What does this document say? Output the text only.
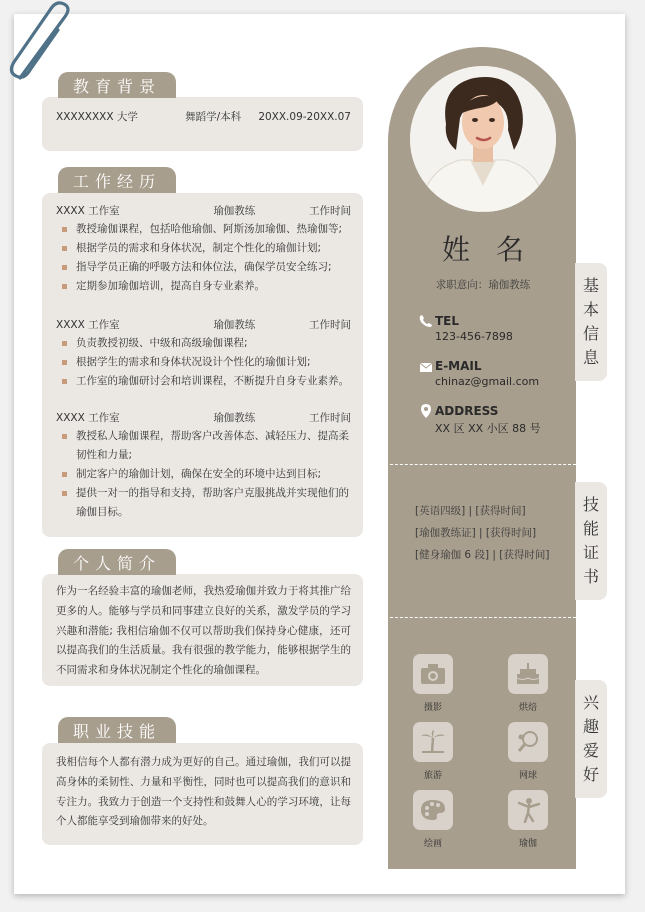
教育背景
XXXXXXXX 大学	舞蹈学/本科 20XX.09-20XX.07
工作经历
XXXX 工作室	瑜伽教练	工作时间
教授瑜伽课程，包括哈他瑜伽、阿斯汤加瑜伽、热瑜伽等;
根据学员的需求和身体状况，制定个性化的瑜伽计划;
指导学员正确的呼吸方法和体位法，确保学员安全练习;
定期参加瑜伽培训，提高自身专业素养。
XXXX 工作室	瑜伽教练	工作时间
负责教授初级、中级和高级瑜伽课程;
根据学生的需求和身体状况设计个性化的瑜伽计划;
工作室的瑜伽研讨会和培训课程，不断提升自身专业素养。
XXXX 工作室	瑜伽教练	工作时间
教授私人瑜伽课程，帮助客户改善体态、减轻压力、提高柔韧性和力量;
制定客户的瑜伽计划，确保在安全的环境中达到目标;
提供一对一的指导和支持，帮助客户克服挑战并实现他们的瑜伽目标。
个人简介
作为一名经验丰富的瑜伽老师，我热爱瑜伽并致力于将其推广给更多的人。能够与学员和同事建立良好的关系，激发学员的学习兴趣和潜能; 我相信瑜伽不仅可以帮助我们保持身心健康，还可以提高我们的生活质量。我有很强的教学能力，能够根据学生的不同需求和身体状况制定个性化的瑜伽课程。
职业技能
我相信每个人都有潜力成为更好的自己。通过瑜伽，我们可以提高身体的柔韧性、力量和平衡性，同时也可以提高我们的意识和专注力。我致力于创造一个支持性和鼓舞人心的学习环境，让每个人都能享受到瑜伽带来的好处。
姓名
求职意向：瑜伽教练
TEL
123-456-7898
E-MAIL
chinaz@gmail.com
ADDRESS
XX 区 XX 小区 88 号
[英语四级] | [获得时间]
[瑜伽教练证] | [获得时间]
[健身瑜伽 6 段] | [获得时间]
摄影	烘焙
旅游	网球
绘画	瑜伽
基
本
信
息
技
能
证
书
兴
趣
爱
好
